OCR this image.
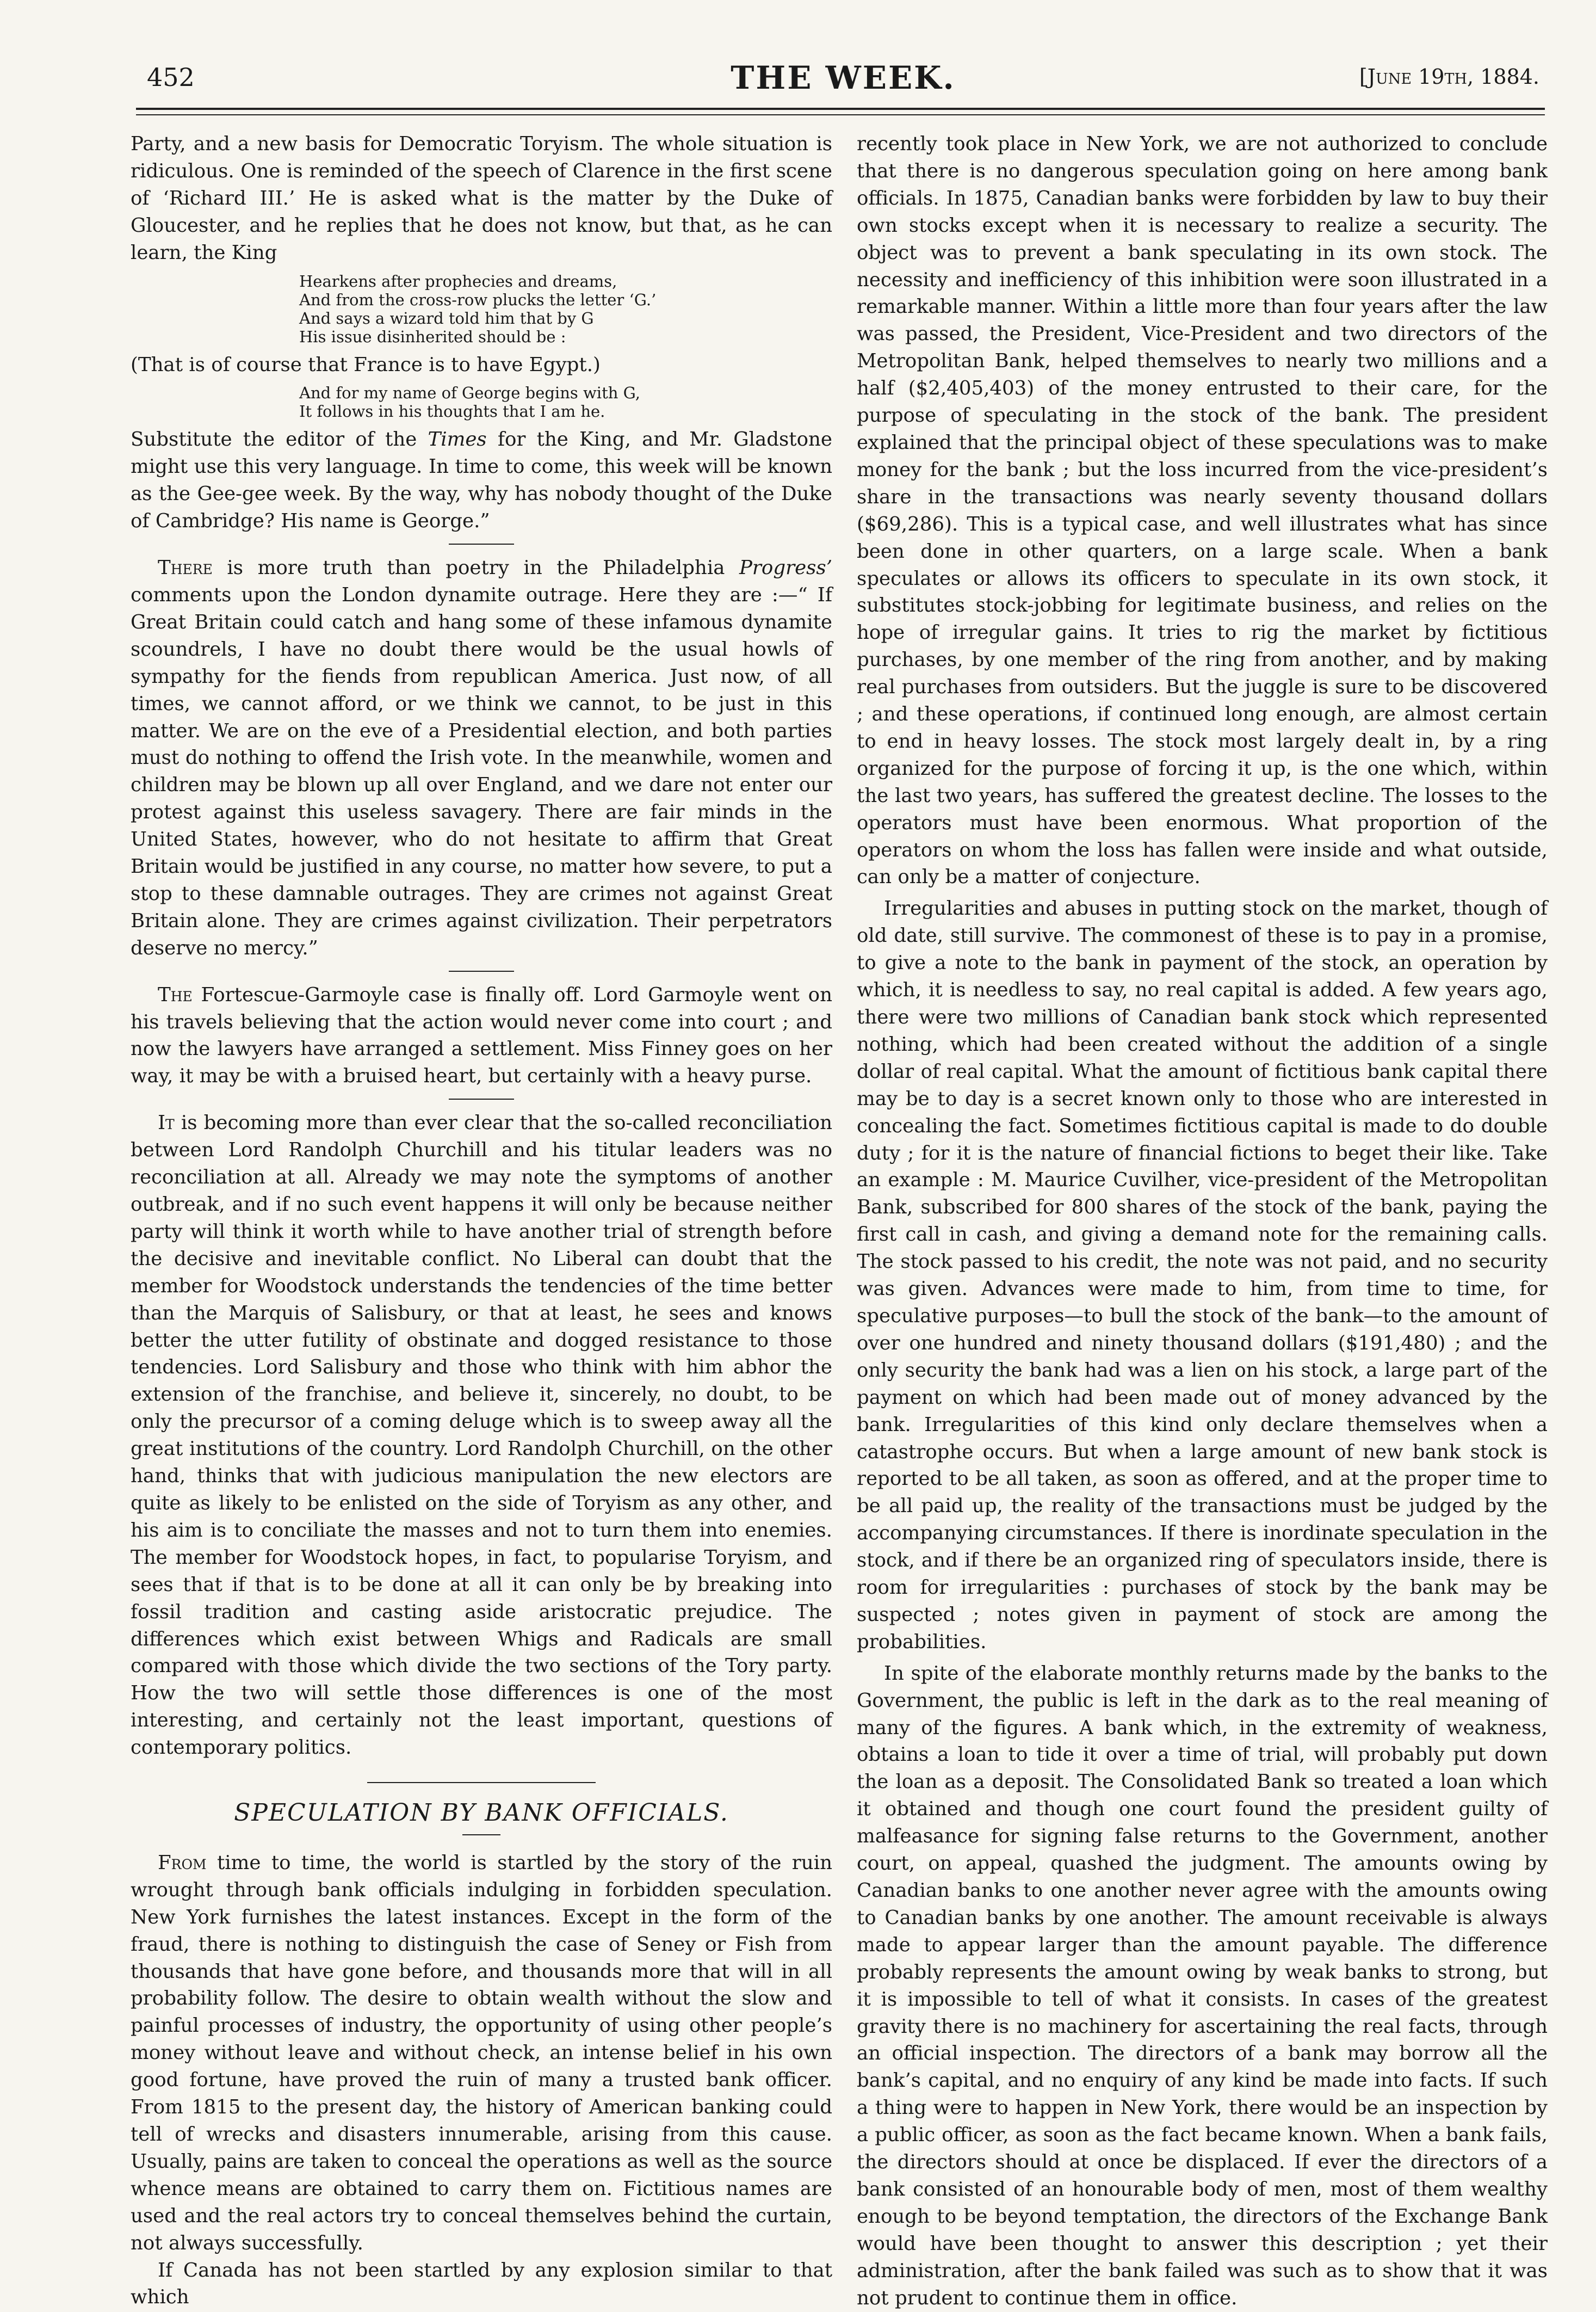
452	THE WEEK.	[June 19th, 1884.

Party, and a new basis for Democratic Toryism. The whole situation is ridiculous. One is reminded of the speech of Clarence in the first scene of ‘Richard III.’ He is asked what is the matter by the Duke of Gloucester, and he replies that he does not know, but that, as he can learn, the King

Hearkens after prophecies and dreams,
And from the cross-row plucks the letter ‘G.’
And says a wizard told him that by G
His issue disinherited should be :

(That is of course that France is to have Egypt.)

And for my name of George begins with G,
It follows in his thoughts that I am he.

Substitute the editor of the Times for the King, and Mr. Gladstone might use this very language. In time to come, this week will be known as the Gee-gee week. By the way, why has nobody thought of the Duke of Cambridge? His name is George.”

There is more truth than poetry in the Philadelphia Progress’ comments upon the London dynamite outrage. Here they are :—“ If Great Britain could catch and hang some of these infamous dynamite scoundrels, I have no doubt there would be the usual howls of sympathy for the fiends from republican America. Just now, of all times, we cannot afford, or we think we cannot, to be just in this matter. We are on the eve of a Presidential election, and both parties must do nothing to offend the Irish vote. In the meanwhile, women and children may be blown up all over England, and we dare not enter our protest against this useless savagery. There are fair minds in the United States, however, who do not hesitate to affirm that Great Britain would be justified in any course, no matter how severe, to put a stop to these damnable outrages. They are crimes not against Great Britain alone. They are crimes against civilization. Their perpetrators deserve no mercy.”

The Fortescue-Garmoyle case is finally off. Lord Garmoyle went on his travels believing that the action would never come into court ; and now the lawyers have arranged a settlement. Miss Finney goes on her way, it may be with a bruised heart, but certainly with a heavy purse.

It is becoming more than ever clear that the so-called reconciliation between Lord Randolph Churchill and his titular leaders was no reconciliation at all. Already we may note the symptoms of another outbreak, and if no such event happens it will only be because neither party will think it worth while to have another trial of strength before the decisive and inevitable conflict. No Liberal can doubt that the member for Woodstock understands the tendencies of the time better than the Marquis of Salisbury, or that at least, he sees and knows better the utter futility of obstinate and dogged resistance to those tendencies. Lord Salisbury and those who think with him abhor the extension of the franchise, and believe it, sincerely, no doubt, to be only the precursor of a coming deluge which is to sweep away all the great institutions of the country. Lord Randolph Churchill, on the other hand, thinks that with judicious manipulation the new electors are quite as likely to be enlisted on the side of Toryism as any other, and his aim is to conciliate the masses and not to turn them into enemies. The member for Woodstock hopes, in fact, to popularise Toryism, and sees that if that is to be done at all it can only be by breaking into fossil tradition and casting aside aristocratic prejudice. The differences which exist between Whigs and Radicals are small compared with those which divide the two sections of the Tory party. How the two will settle those differences is one of the most interesting, and certainly not the least important, questions of contemporary politics.

SPECULATION BY BANK OFFICIALS.

From time to time, the world is startled by the story of the ruin wrought through bank officials indulging in forbidden speculation. New York furnishes the latest instances. Except in the form of the fraud, there is nothing to distinguish the case of Seney or Fish from thousands that have gone before, and thousands more that will in all probability follow. The desire to obtain wealth without the slow and painful processes of industry, the opportunity of using other people’s money without leave and without check, an intense belief in his own good fortune, have proved the ruin of many a trusted bank officer. From 1815 to the present day, the history of American banking could tell of wrecks and disasters innumerable, arising from this cause. Usually, pains are taken to conceal the operations as well as the source whence means are obtained to carry them on. Fictitious names are used and the real actors try to conceal themselves behind the curtain, not always successfully.

If Canada has not been startled by any explosion similar to that which

recently took place in New York, we are not authorized to conclude that there is no dangerous speculation going on here among bank officials. In 1875, Canadian banks were forbidden by law to buy their own stocks except when it is necessary to realize a security. The object was to prevent a bank speculating in its own stock. The necessity and inefficiency of this inhibition were soon illustrated in a remarkable manner. Within a little more than four years after the law was passed, the President, Vice-President and two directors of the Metropolitan Bank, helped themselves to nearly two millions and a half ($2,405,403) of the money entrusted to their care, for the purpose of speculating in the stock of the bank. The president explained that the principal object of these speculations was to make money for the bank ; but the loss incurred from the vice-president’s share in the transactions was nearly seventy thousand dollars ($69,286). This is a typical case, and well illustrates what has since been done in other quarters, on a large scale. When a bank speculates or allows its officers to speculate in its own stock, it substitutes stock-jobbing for legitimate business, and relies on the hope of irregular gains. It tries to rig the market by fictitious purchases, by one member of the ring from another, and by making real purchases from outsiders. But the juggle is sure to be discovered ; and these operations, if continued long enough, are almost certain to end in heavy losses. The stock most largely dealt in, by a ring organized for the purpose of forcing it up, is the one which, within the last two years, has suffered the greatest decline. The losses to the operators must have been enormous. What proportion of the operators on whom the loss has fallen were inside and what outside, can only be a matter of conjecture.

Irregularities and abuses in putting stock on the market, though of old date, still survive. The commonest of these is to pay in a promise, to give a note to the bank in payment of the stock, an operation by which, it is needless to say, no real capital is added. A few years ago, there were two millions of Canadian bank stock which represented nothing, which had been created without the addition of a single dollar of real capital. What the amount of fictitious bank capital there may be to day is a secret known only to those who are interested in concealing the fact. Sometimes fictitious capital is made to do double duty ; for it is the nature of financial fictions to beget their like. Take an example : M. Maurice Cuvilher, vice-president of the Metropolitan Bank, subscribed for 800 shares of the stock of the bank, paying the first call in cash, and giving a demand note for the remaining calls. The stock passed to his credit, the note was not paid, and no security was given. Advances were made to him, from time to time, for speculative purposes—to bull the stock of the bank—to the amount of over one hundred and ninety thousand dollars ($191,480) ; and the only security the bank had was a lien on his stock, a large part of the payment on which had been made out of money advanced by the bank. Irregularities of this kind only declare themselves when a catastrophe occurs. But when a large amount of new bank stock is reported to be all taken, as soon as offered, and at the proper time to be all paid up, the reality of the transactions must be judged by the accompanying circumstances. If there is inordinate speculation in the stock, and if there be an organized ring of speculators inside, there is room for irregularities : purchases of stock by the bank may be suspected ; notes given in payment of stock are among the probabilities.

In spite of the elaborate monthly returns made by the banks to the Government, the public is left in the dark as to the real meaning of many of the figures. A bank which, in the extremity of weakness, obtains a loan to tide it over a time of trial, will probably put down the loan as a deposit. The Consolidated Bank so treated a loan which it obtained and though one court found the president guilty of malfeasance for signing false returns to the Government, another court, on appeal, quashed the judgment. The amounts owing by Canadian banks to one another never agree with the amounts owing to Canadian banks by one another. The amount receivable is always made to appear larger than the amount payable. The difference probably represents the amount owing by weak banks to strong, but it is impossible to tell of what it consists. In cases of the greatest gravity there is no machinery for ascertaining the real facts, through an official inspection. The directors of a bank may borrow all the bank’s capital, and no enquiry of any kind be made into facts. If such a thing were to happen in New York, there would be an inspection by a public officer, as soon as the fact became known. When a bank fails, the directors should at once be displaced. If ever the directors of a bank consisted of an honourable body of men, most of them wealthy enough to be beyond temptation, the directors of the Exchange Bank would have been thought to answer this description ; yet their administration, after the bank failed was such as to show that it was not prudent to continue them in office.
